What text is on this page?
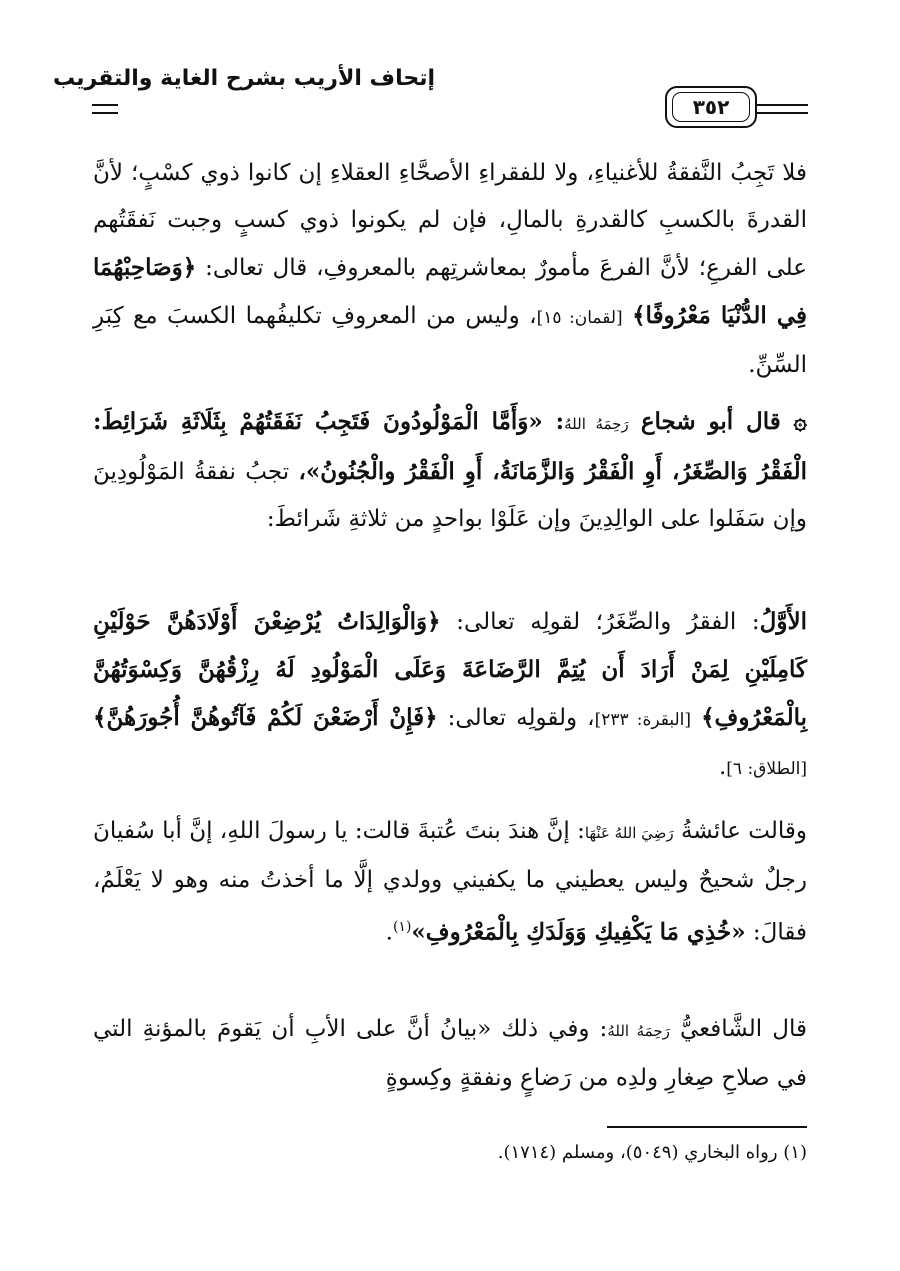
إتحاف الأريب بشرح الغاية والتقريب
٣٥٢
فلا تَجِبُ النَّفقةُ للأغنياءِ، ولا للفقراءِ الأصحَّاءِ العقلاءِ إن كانوا ذوي كسْبٍ؛ لأنَّ القدرةَ بالكسبِ كالقدرةِ بالمالِ، فإن لم يكونوا ذوي كسبٍ وجبت نَفقَتُهم على الفرعِ؛ لأنَّ الفرعَ مأمورٌ بمعاشرتِهم بالمعروفِ، قال تعالى: ﴿وَصَاحِبْهُمَا فِي الدُّنْيَا مَعْرُوفًا﴾ [لقمان: ١٥]، وليس من المعروفِ تكليفُهما الكسبَ مع كِبَرِ السِّنِّ.
۞ قال أبو شجاع رَحِمَهُ اللهُ: «وَأَمَّا الْمَوْلُودُونَ فَتَجِبُ نَفَقَتُهُمْ بِثَلَاثَةِ شَرَائِطَ: الْفَقْرُ وَالصِّغَرُ، أَوِ الْفَقْرُ وَالزَّمَانَةُ، أَوِ الْفَقْرُ والْجُنُونُ»، تجبُ نفقةُ المَوْلُودِينَ وإن سَفَلوا على الوالِدِينَ وإن عَلَوْا بواحدٍ من ثلاثةِ شَرائطَ:
الأَوَّلُ: الفقرُ والصِّغَرُ؛ لقولِه تعالى: ﴿وَالْوَالِدَاتُ يُرْضِعْنَ أَوْلَادَهُنَّ حَوْلَيْنِ كَامِلَيْنِ لِمَنْ أَرَادَ أَن يُتِمَّ الرَّضَاعَةَ وَعَلَى الْمَوْلُودِ لَهُ رِزْقُهُنَّ وَكِسْوَتُهُنَّ بِالْمَعْرُوفِ﴾ [البقرة: ٢٣٣]، ولقولِه تعالى: ﴿فَإِنْ أَرْضَعْنَ لَكُمْ فَآتُوهُنَّ أُجُورَهُنَّ﴾ [الطلاق: ٦].
وقالت عائشةُ رَضِيَ اللهُ عَنْهَا: إنَّ هندَ بنتَ عُتبةَ قالت: يا رسولَ اللهِ، إنَّ أبا سُفيانَ رجلٌ شحيحٌ وليس يعطيني ما يكفيني وولدي إلَّا ما أخذتُ منه وهو لا يَعْلَمُ، فقالَ: «خُذِي مَا يَكْفِيكِ وَوَلَدَكِ بِالْمَعْرُوفِ»$^{(١)}$.
قال الشَّافعيُّ رَحِمَهُ اللهُ: وفي ذلك «بيانُ أنَّ على الأبِ أن يَقومَ بالمؤنةِ التي في صلاحِ صِغارِ ولدِه من رَضاعٍ ونفقةٍ وكِسوةٍ
(١) رواه البخاري (٥٠٤٩)، ومسلم (١٧١٤).
